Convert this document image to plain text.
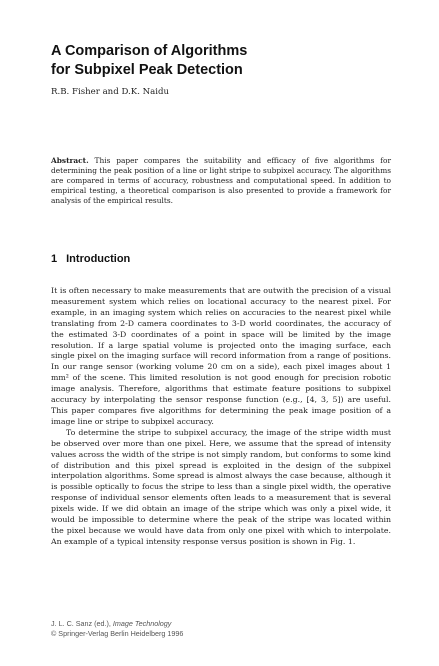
A Comparison of Algorithms
for Subpixel Peak Detection

R.B. Fisher and D.K. Naidu

Abstract. This paper compares the suitability and efficacy of five algorithms for determining the peak position of a line or light stripe to subpixel accuracy. The algorithms are compared in terms of accuracy, robustness and computational speed. In addition to empirical testing, a theoretical comparison is also presented to provide a framework for analysis of the empirical results.

1 Introduction

It is often necessary to make measurements that are outwith the precision of a visual measurement system which relies on locational accuracy to the nearest pixel. For example, in an imaging system which relies on accuracies to the nearest pixel while translating from 2-D camera coordinates to 3-D world coordinates, the accuracy of the estimated 3-D coordinates of a point in space will be limited by the image resolution. If a large spatial volume is projected onto the imaging surface, each single pixel on the imaging surface will record information from a range of positions. In our range sensor (working volume 20 cm on a side), each pixel images about 1 mm² of the scene. This limited resolution is not good enough for precision robotic image analysis. Therefore, algorithms that estimate feature positions to subpixel accuracy by interpolating the sensor response function (e.g., [4, 3, 5]) are useful. This paper compares five algorithms for determining the peak image position of a image line or stripe to subpixel accuracy.

To determine the stripe to subpixel accuracy, the image of the stripe width must be observed over more than one pixel. Here, we assume that the spread of intensity values across the width of the stripe is not simply random, but conforms to some kind of distribution and this pixel spread is exploited in the design of the subpixel interpolation algorithms. Some spread is almost always the case because, although it is possible optically to focus the stripe to less than a single pixel width, the operative response of individual sensor elements often leads to a measurement that is several pixels wide. If we did obtain an image of the stripe which was only a pixel wide, it would be impossible to determine where the peak of the stripe was located within the pixel because we would have data from only one pixel with which to interpolate. An example of a typical intensity response versus position is shown in Fig. 1.

J. L. C. Sanz (ed.), Image Technology
© Springer-Verlag Berlin Heidelberg 1996
